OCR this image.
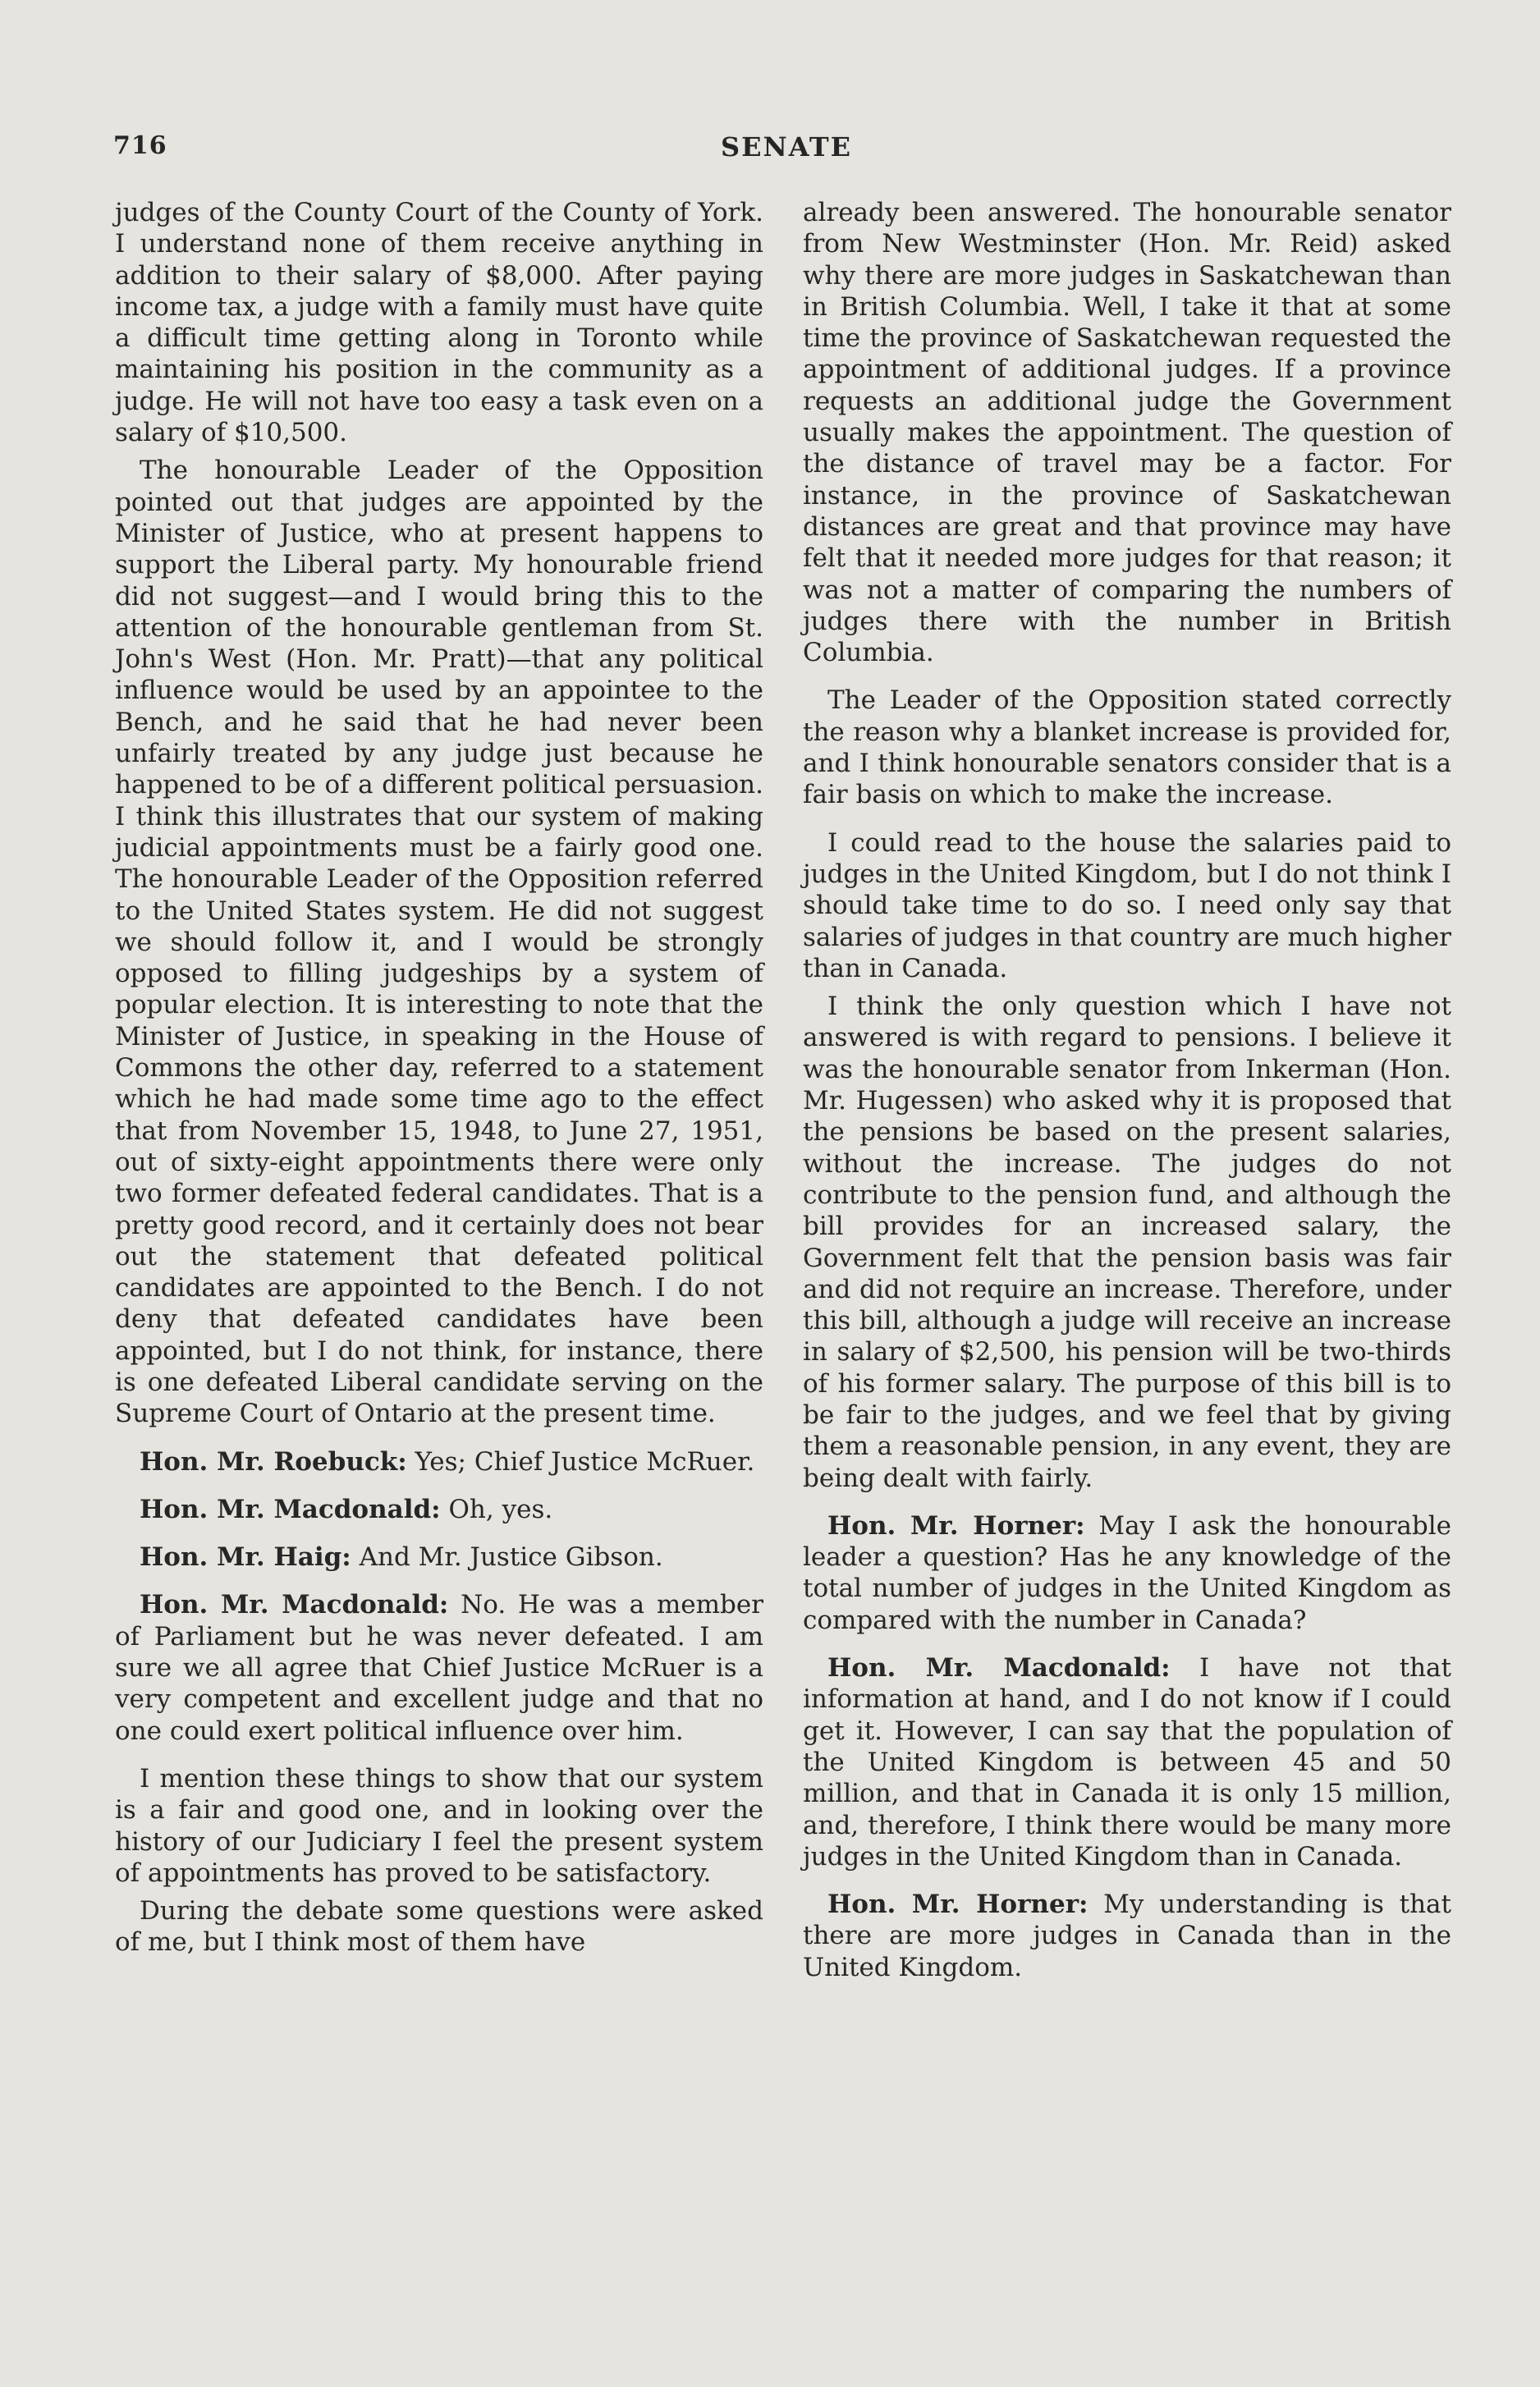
716	SENATE

judges of the County Court of the County of York. I understand none of them receive anything in addition to their salary of $8,000. After paying income tax, a judge with a family must have quite a difficult time getting along in Toronto while maintaining his position in the community as a judge. He will not have too easy a task even on a salary of $10,500.

The honourable Leader of the Opposition pointed out that judges are appointed by the Minister of Justice, who at present happens to support the Liberal party. My honourable friend did not suggest—and I would bring this to the attention of the honourable gentleman from St. John's West (Hon. Mr. Pratt)—that any political influence would be used by an appointee to the Bench, and he said that he had never been unfairly treated by any judge just because he happened to be of a different political persuasion. I think this illustrates that our system of making judicial appointments must be a fairly good one. The honourable Leader of the Opposition referred to the United States system. He did not suggest we should follow it, and I would be strongly opposed to filling judgeships by a system of popular election. It is interesting to note that the Minister of Justice, in speaking in the House of Commons the other day, referred to a statement which he had made some time ago to the effect that from November 15, 1948, to June 27, 1951, out of sixty-eight appointments there were only two former defeated federal candidates. That is a pretty good record, and it certainly does not bear out the statement that defeated political candidates are appointed to the Bench. I do not deny that defeated candidates have been appointed, but I do not think, for instance, there is one defeated Liberal candidate serving on the Supreme Court of Ontario at the present time.

Hon. Mr. Roebuck: Yes; Chief Justice McRuer.

Hon. Mr. Macdonald: Oh, yes.

Hon. Mr. Haig: And Mr. Justice Gibson.

Hon. Mr. Macdonald: No. He was a member of Parliament but he was never defeated. I am sure we all agree that Chief Justice McRuer is a very competent and excellent judge and that no one could exert political influence over him.

I mention these things to show that our system is a fair and good one, and in looking over the history of our Judiciary I feel the present system of appointments has proved to be satisfactory.

During the debate some questions were asked of me, but I think most of them have

already been answered. The honourable senator from New Westminster (Hon. Mr. Reid) asked why there are more judges in Saskatchewan than in British Columbia. Well, I take it that at some time the province of Saskatchewan requested the appointment of additional judges. If a province requests an additional judge the Government usually makes the appointment. The question of the distance of travel may be a factor. For instance, in the province of Saskatchewan distances are great and that province may have felt that it needed more judges for that reason; it was not a matter of comparing the numbers of judges there with the number in British Columbia.

The Leader of the Opposition stated correctly the reason why a blanket increase is provided for, and I think honourable senators consider that is a fair basis on which to make the increase.

I could read to the house the salaries paid to judges in the United Kingdom, but I do not think I should take time to do so. I need only say that salaries of judges in that country are much higher than in Canada.

I think the only question which I have not answered is with regard to pensions. I believe it was the honourable senator from Inkerman (Hon. Mr. Hugessen) who asked why it is proposed that the pensions be based on the present salaries, without the increase. The judges do not contribute to the pension fund, and although the bill provides for an increased salary, the Government felt that the pension basis was fair and did not require an increase. Therefore, under this bill, although a judge will receive an increase in salary of $2,500, his pension will be two-thirds of his former salary. The purpose of this bill is to be fair to the judges, and we feel that by giving them a reasonable pension, in any event, they are being dealt with fairly.

Hon. Mr. Horner: May I ask the honourable leader a question? Has he any knowledge of the total number of judges in the United Kingdom as compared with the number in Canada?

Hon. Mr. Macdonald: I have not that information at hand, and I do not know if I could get it. However, I can say that the population of the United Kingdom is between 45 and 50 million, and that in Canada it is only 15 million, and, therefore, I think there would be many more judges in the United Kingdom than in Canada.

Hon. Mr. Horner: My understanding is that there are more judges in Canada than in the United Kingdom.
